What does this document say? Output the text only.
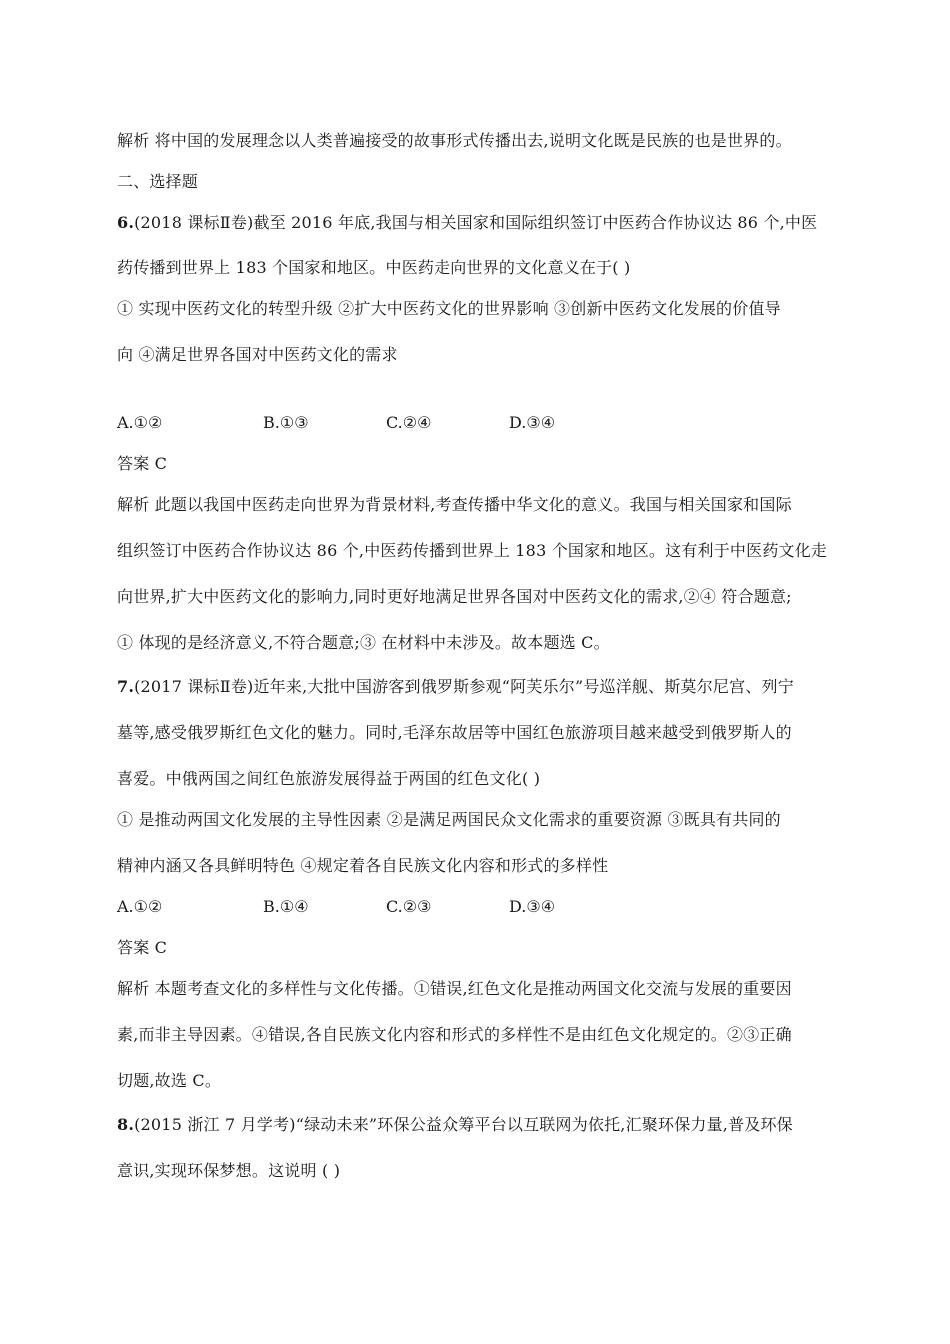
解析 将中国的发展理念以人类普遍接受的故事形式传播出去,说明文化既是民族的也是世界的。
二、选择题
6.(2018 课标Ⅱ卷)截至 2016 年底,我国与相关国家和国际组织签订中医药合作协议达 86 个,中医
药传播到世界上 183 个国家和地区。中医药走向世界的文化意义在于( )
① 实现中医药文化的转型升级 ②扩大中医药文化的世界影响 ③创新中医药文化发展的价值导
向 ④满足世界各国对中医药文化的需求
A.①②	B.①③	C.②④	D.③④
答案 C
解析 此题以我国中医药走向世界为背景材料,考查传播中华文化的意义。我国与相关国家和国际
组织签订中医药合作协议达 86 个,中医药传播到世界上 183 个国家和地区。这有利于中医药文化走
向世界,扩大中医药文化的影响力,同时更好地满足世界各国对中医药文化的需求,②④ 符合题意;
① 体现的是经济意义,不符合题意;③ 在材料中未涉及。故本题选 C。
7.(2017 课标Ⅱ卷)近年来,大批中国游客到俄罗斯参观“阿芙乐尔”号巡洋舰、斯莫尔尼宫、列宁
墓等,感受俄罗斯红色文化的魅力。同时,毛泽东故居等中国红色旅游项目越来越受到俄罗斯人的
喜爱。中俄两国之间红色旅游发展得益于两国的红色文化( )
① 是推动两国文化发展的主导性因素 ②是满足两国民众文化需求的重要资源 ③既具有共同的
精神内涵又各具鲜明特色 ④规定着各自民族文化内容和形式的多样性
A.①②	B.①④	C.②③	D.③④
答案 C
解析 本题考查文化的多样性与文化传播。①错误,红色文化是推动两国文化交流与发展的重要因
素,而非主导因素。④错误,各自民族文化内容和形式的多样性不是由红色文化规定的。②③正确
切题,故选 C。
8.(2015 浙江 7 月学考)“绿动未来”环保公益众筹平台以互联网为依托,汇聚环保力量,普及环保
意识,实现环保梦想。这说明 ( )
